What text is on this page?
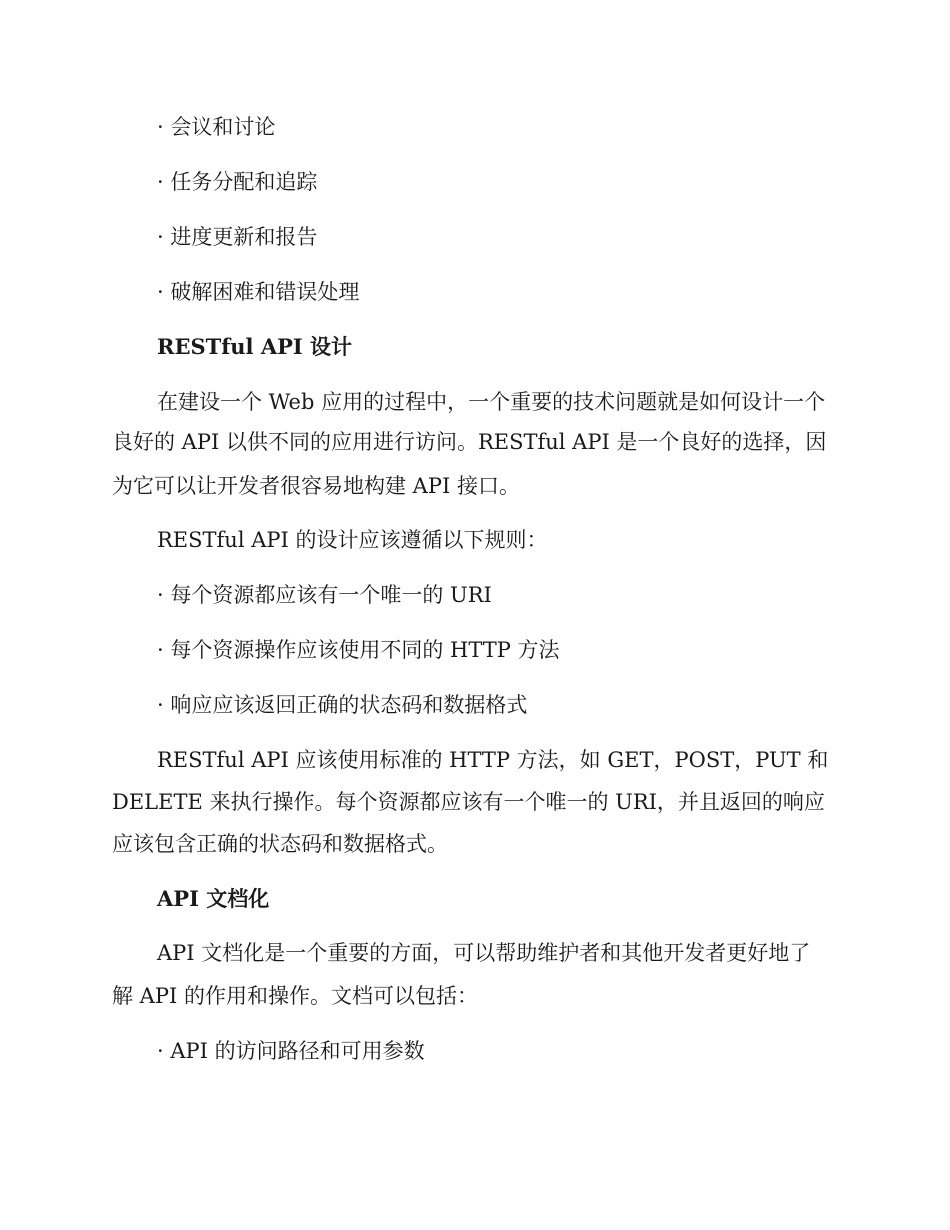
· 会议和讨论
· 任务分配和追踪
· 进度更新和报告
· 破解困难和错误处理
RESTful API 设计
在建设一个 Web 应用的过程中，一个重要的技术问题就是如何设计一个
良好的 API 以供不同的应用进行访问。RESTful API 是一个良好的选择，因
为它可以让开发者很容易地构建 API 接口。
RESTful API 的设计应该遵循以下规则：
· 每个资源都应该有一个唯一的 URI
· 每个资源操作应该使用不同的 HTTP 方法
· 响应应该返回正确的状态码和数据格式
RESTful API 应该使用标准的 HTTP 方法，如 GET，POST，PUT 和
DELETE 来执行操作。每个资源都应该有一个唯一的 URI，并且返回的响应
应该包含正确的状态码和数据格式。
API 文档化
API 文档化是一个重要的方面，可以帮助维护者和其他开发者更好地了
解 API 的作用和操作。文档可以包括：
· API 的访问路径和可用参数
